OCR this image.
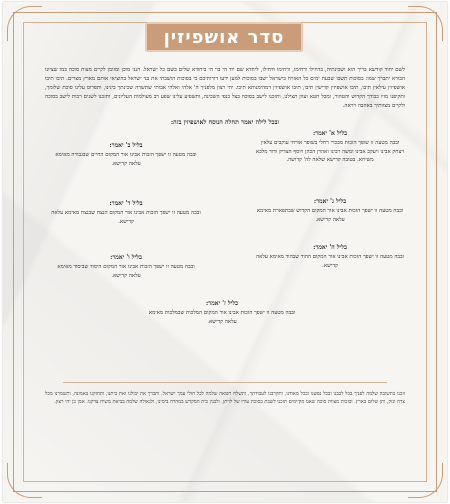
סדר אושפיזין

לשם יחוד קודשא בריך הוא ושכינתיה, בדחילו ורחימו, ורחימו ודחילו, ליחדא שם יוד הי בוי הי ביחודא שלים בשם כל ישראל. הנני מוכן ומזומן לקיים מצות סוכה כמו שציונו הבורא יתברך שמו: בסוכות תשבו שבעת ימים כל האזרח בישראל ישבו בסוכות למען ידעו דורותיכם כי בסוכות הושבתי את בני ישראל בהוציאי אותם מארץ מצרים. תיבו תיבו אושפיזין עילאין תיבו, תיבו אושפיזין קדישין תיבו, תיבו אושפיזין דמהימנותא תיבו. יהי רצון מלפניך ה' אלהי ואלהי אבותי שתשרה שכינתך בינינו, ותפרוס עלינו סוכת שלומך, ותקיפנו מזיו כבודך הקדוש והטהור, ומכל חטא ועוון תצילנו, ותזכנו לישב בסוכה בצל כנפי השכינה, ותשפיע עלינו שפע רב מעולמות העליונים, ותזכנו לשנים רבות לישב בסוכה ולקיים מצוותיך באהבה ויראה.

ובכל לילה יאמר תחלה הנוסח לאושפיזין בזה:
בליל א' יאמר:
ובבה מטעה זו שופך הזכות מבכרי רחלי בשופר אורחי עוקבים עלאין ויצחק אבינו ויעקב אבינו ומשה רבינו ואהרן הכהן ויוסף הצדיק ודוד מלכא משיחא. בטובה קדישא שלאה לה' קדושה.
בליל ב' יאמר:
ובבה מטעה זו ישפך הזכות אבינו אור המקום החיים שבגבורה מאימא עלאה קדישא.
בליל ג' יאמר:
ובבה מטעה זו ישפך הזכות אבינו אור המקום הקדוש שבתפארת מאימא עלאה קדישא.
בליל ד' יאמר:
ובבה מטעה זו ישפך הזכות אבינו אור המקום הנצח שבנצח מאימא עלאה קדישא.
בליל ה' יאמר:
ובבה מטעה זו ישפך הזכות אבינו אור המקום ההוד שבהוד מאימא עלאה קדישא.
בליל ו' יאמר:
ובבה מטעה זו ישפך הזכות אבינו אור המקום היסוד שביסוד מאימא עלאה קדישא.
בליל ז' יאמר:
ובבה מטעה זו ישפך הזכות אבינו אור המקום המלכות שבמלכות מאימא עלאה קדישא.
וזכנו בתשובה שלמה לפניך בכל לבבנו ובכל נפשנו ובכל מאודנו, ותקרבנו לעבודתך, ותשלח רפואה שלמה לכל חולי עמך ישראל, ותברך את יבולנו ואת ביתנו, ותחזקנו באמונה, ותשמרנו מכל צרה ונזק, ותן שלום בארץ. ובזכות מצוות סוכה שאנו מקיימים תזכנו לשבת בסוכת עורו של לויתן, ולבנין בית המקדש במהרה בימינו, ולגאולה שלמה בביאת משיח צדקנו. אמן כן יהי רצון.
